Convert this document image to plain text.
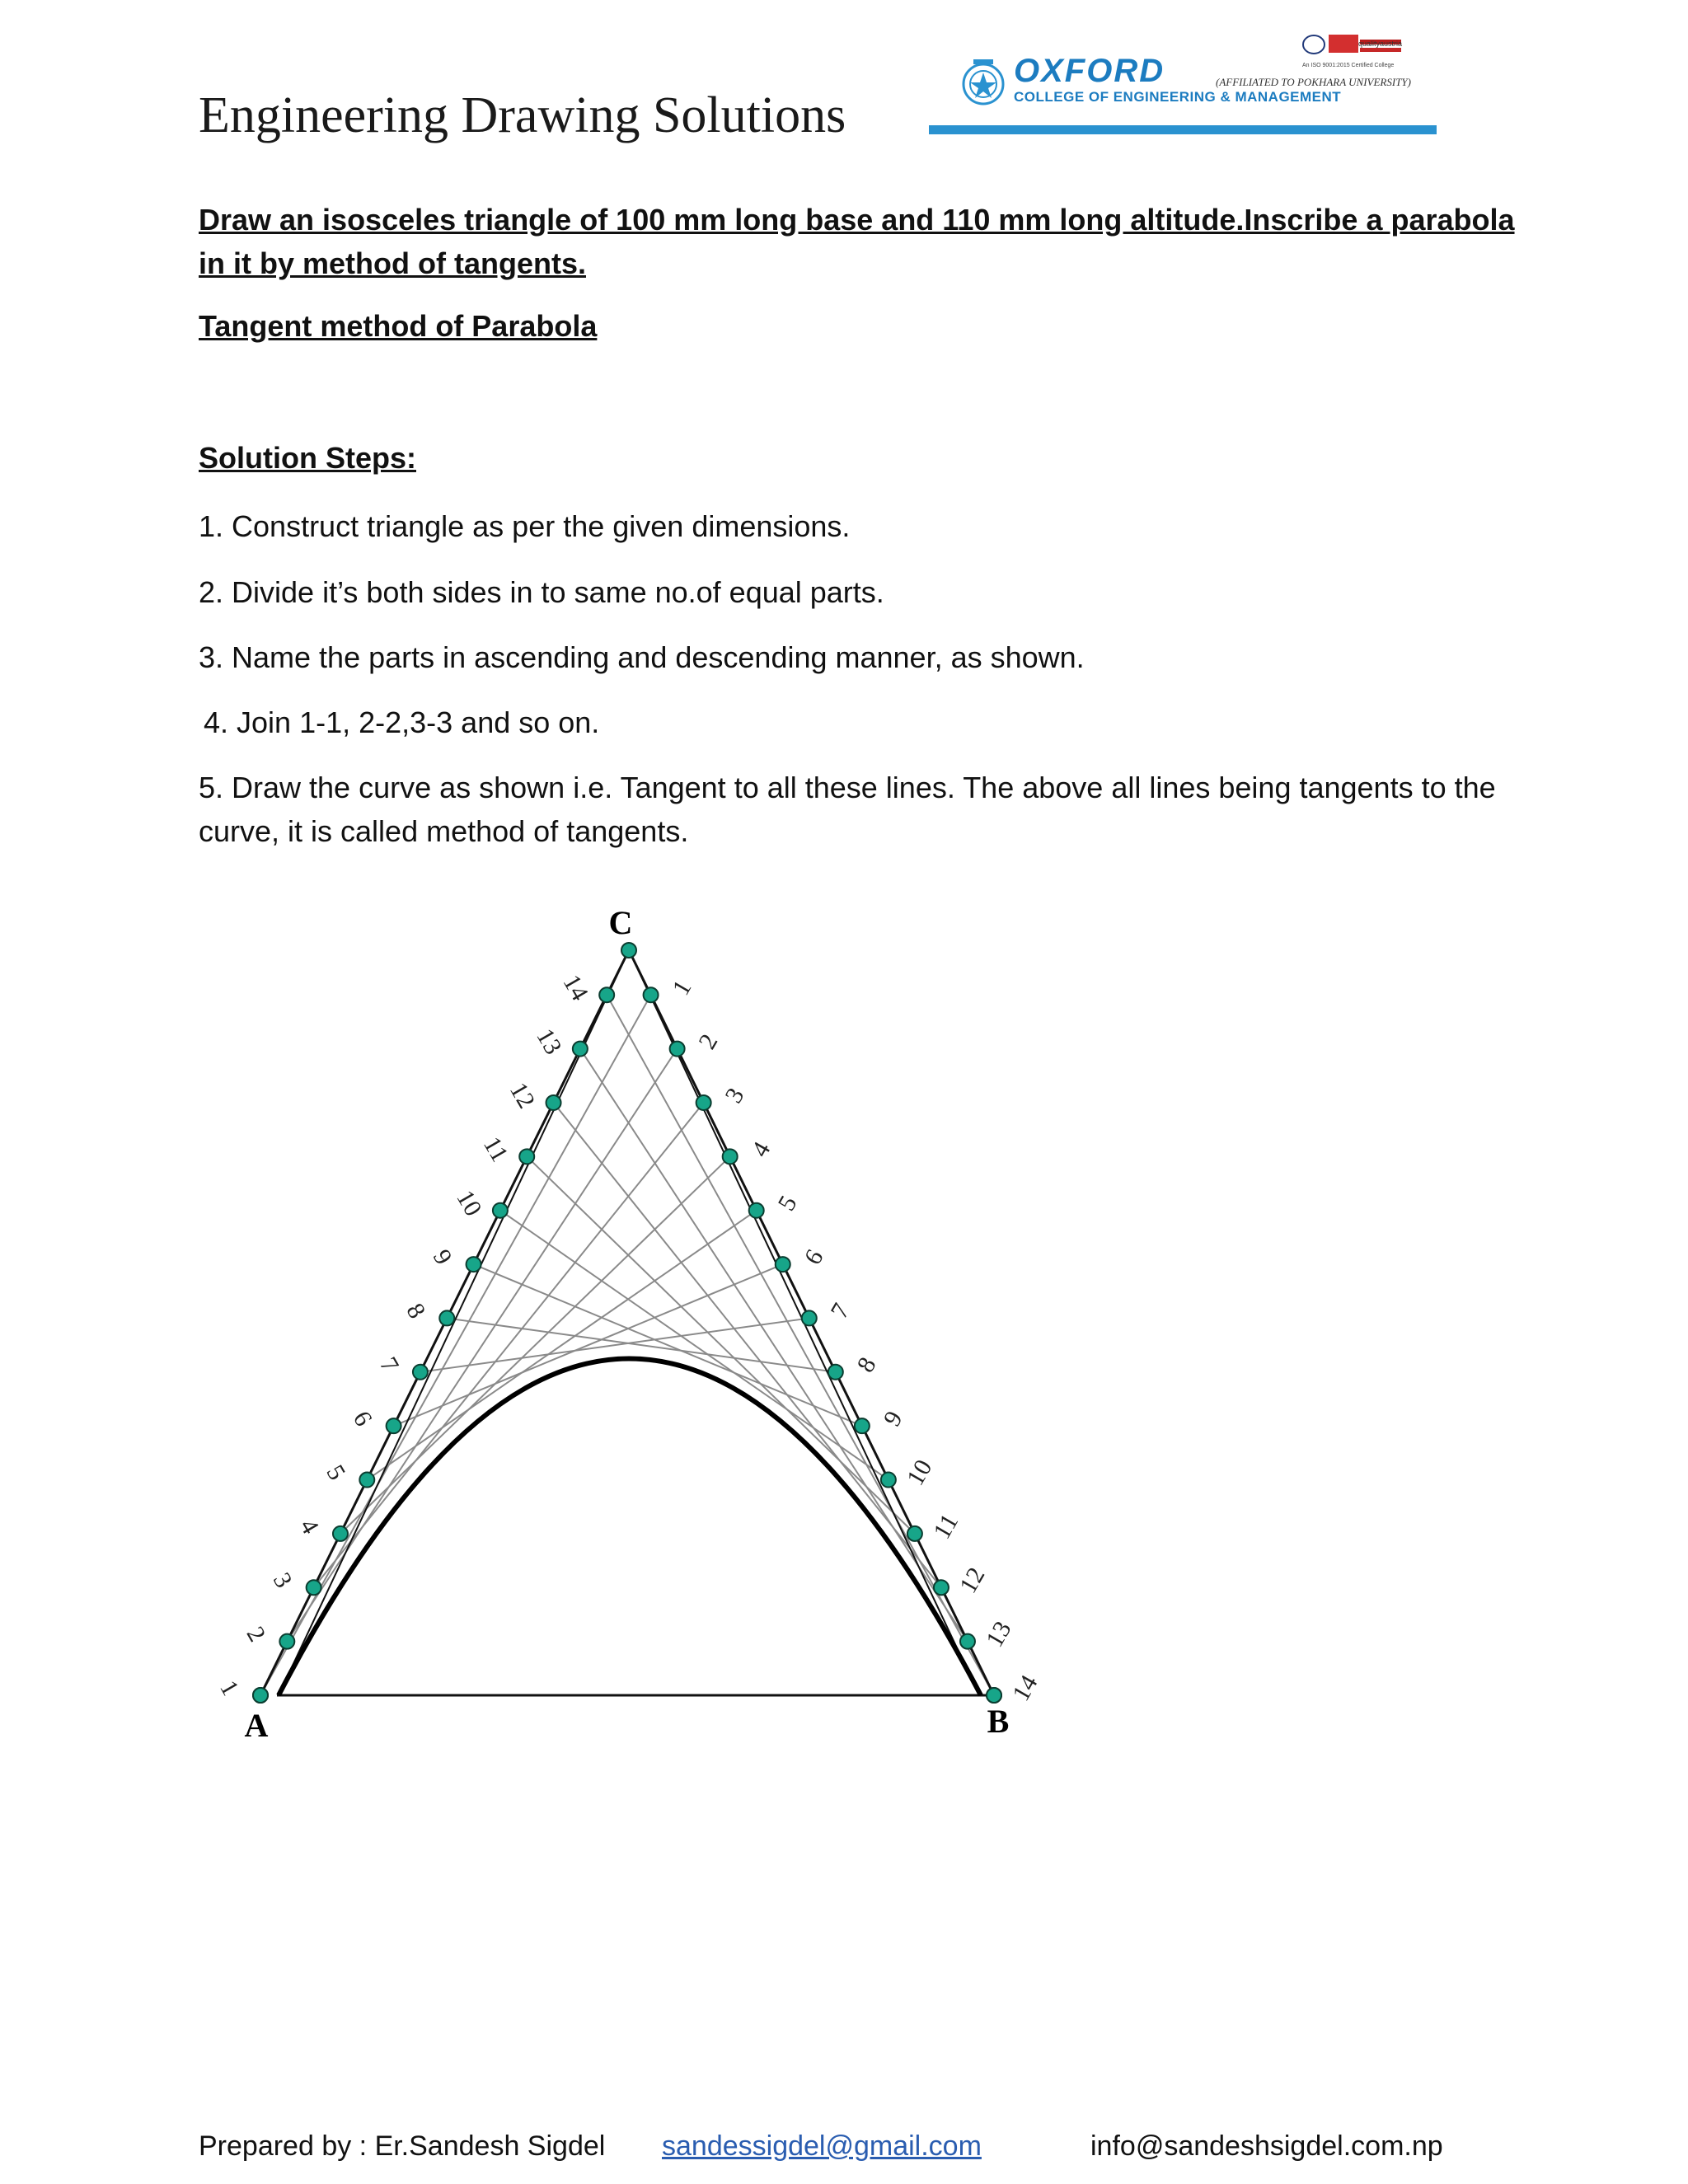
Engineering Drawing Solutions
qualityaustria
An ISO 9001:2015 Certified College
OXFORD	(AFFILIATED TO POKHARA UNIVERSITY)
COLLEGE OF ENGINEERING & MANAGEMENT
Draw an isosceles triangle of 100 mm long base and 110 mm long altitude.Inscribe a parabola in it by method of tangents.
Tangent method of Parabola
Solution Steps:
1. Construct triangle as per the given dimensions.
2. Divide it’s both sides in to same no.of equal parts.
3. Name the parts in ascending and descending manner, as shown.
4. Join 1-1, 2-2,3-3 and so on.
5. Draw the curve as shown i.e. Tangent to all these lines. The above all lines being tangents to the curve, it is called method of tangents.
1
2
3
4
5
6
7
8
9
10
11
12
13
14	1
2
3
4
5
6
7
8
9
10
11
12
13
14
C
A	B
Prepared by : Er.Sandesh Sigdel sandessigdel@gmail.com	info@sandeshsigdel.com.np
